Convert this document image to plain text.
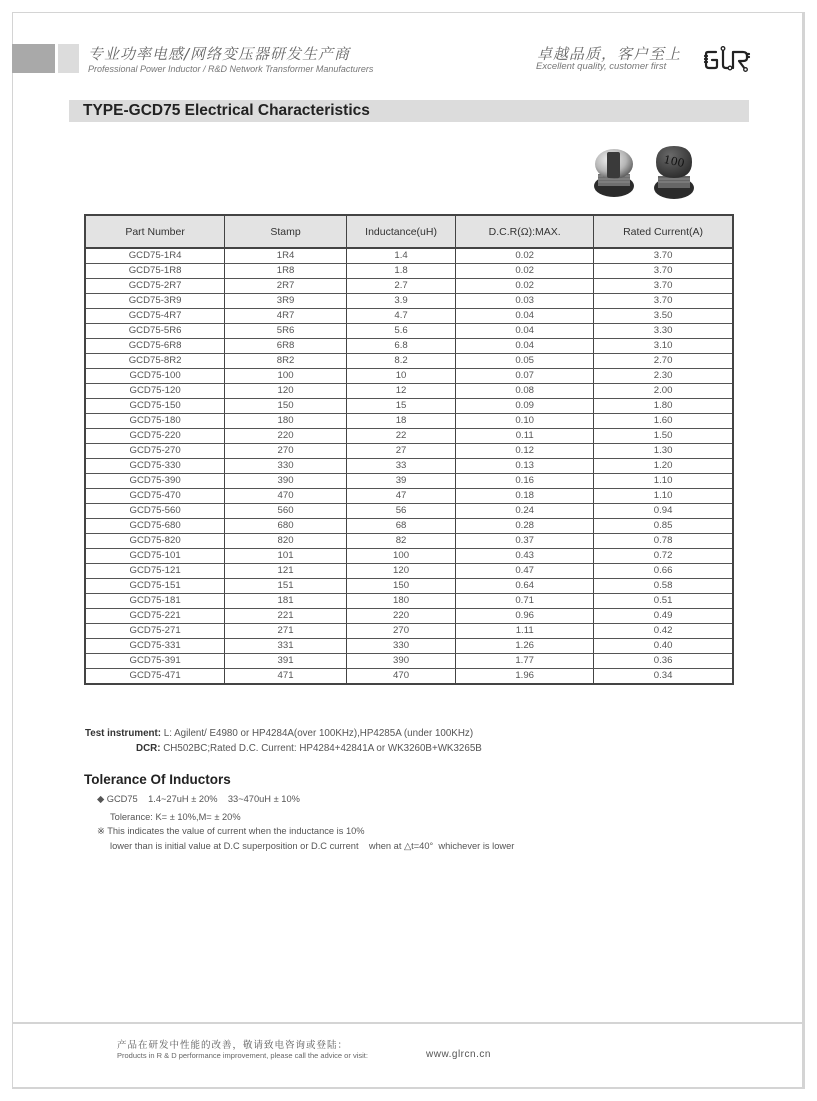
专业功率电感/网络变压器研发生产商
Professional Power Inductor / R&D Network Transformer Manufacturers
卓越品质，客户至上
Excellent quality, customer first
TYPE-GCD75 Electrical Characteristics
100
Part Number	Stamp	Inductance(uH)	D.C.R(Ω):MAX.	Rated Current(A)
GCD75-1R4	1R4	1.4	0.02	3.70
GCD75-1R8	1R8	1.8	0.02	3.70
GCD75-2R7	2R7	2.7	0.02	3.70
GCD75-3R9	3R9	3.9	0.03	3.70
GCD75-4R7	4R7	4.7	0.04	3.50
GCD75-5R6	5R6	5.6	0.04	3.30
GCD75-6R8	6R8	6.8	0.04	3.10
GCD75-8R2	8R2	8.2	0.05	2.70
GCD75-100	100	10	0.07	2.30
GCD75-120	120	12	0.08	2.00
GCD75-150	150	15	0.09	1.80
GCD75-180	180	18	0.10	1.60
GCD75-220	220	22	0.11	1.50
GCD75-270	270	27	0.12	1.30
GCD75-330	330	33	0.13	1.20
GCD75-390	390	39	0.16	1.10
GCD75-470	470	47	0.18	1.10
GCD75-560	560	56	0.24	0.94
GCD75-680	680	68	0.28	0.85
GCD75-820	820	82	0.37	0.78
GCD75-101	101	100	0.43	0.72
GCD75-121	121	120	0.47	0.66
GCD75-151	151	150	0.64	0.58
GCD75-181	181	180	0.71	0.51
GCD75-221	221	220	0.96	0.49
GCD75-271	271	270	1.11	0.42
GCD75-331	331	330	1.26	0.40
GCD75-391	391	390	1.77	0.36
GCD75-471	471	470	1.96	0.34
Test instrument: L: Agilent/ E4980 or HP4284A(over 100KHz),HP4285A (under 100KHz)
DCR: CH502BC;Rated D.C. Current: HP4284+42841A or WK3260B+WK3265B
Tolerance Of Inductors
◆ GCD75    1.4~27uH ± 20%    33~470uH ± 10%
Tolerance: K= ± 10%,M= ± 20%
※ This indicates the value of current when the inductance is 10%
lower than is initial value at D.C superposition or D.C current    when at △t=40°  whichever is lower
产品在研发中性能的改善，敬请致电咨询或登陆：
Products in R & D performance improvement, please call the advice or visit:	www.glrcn.cn
